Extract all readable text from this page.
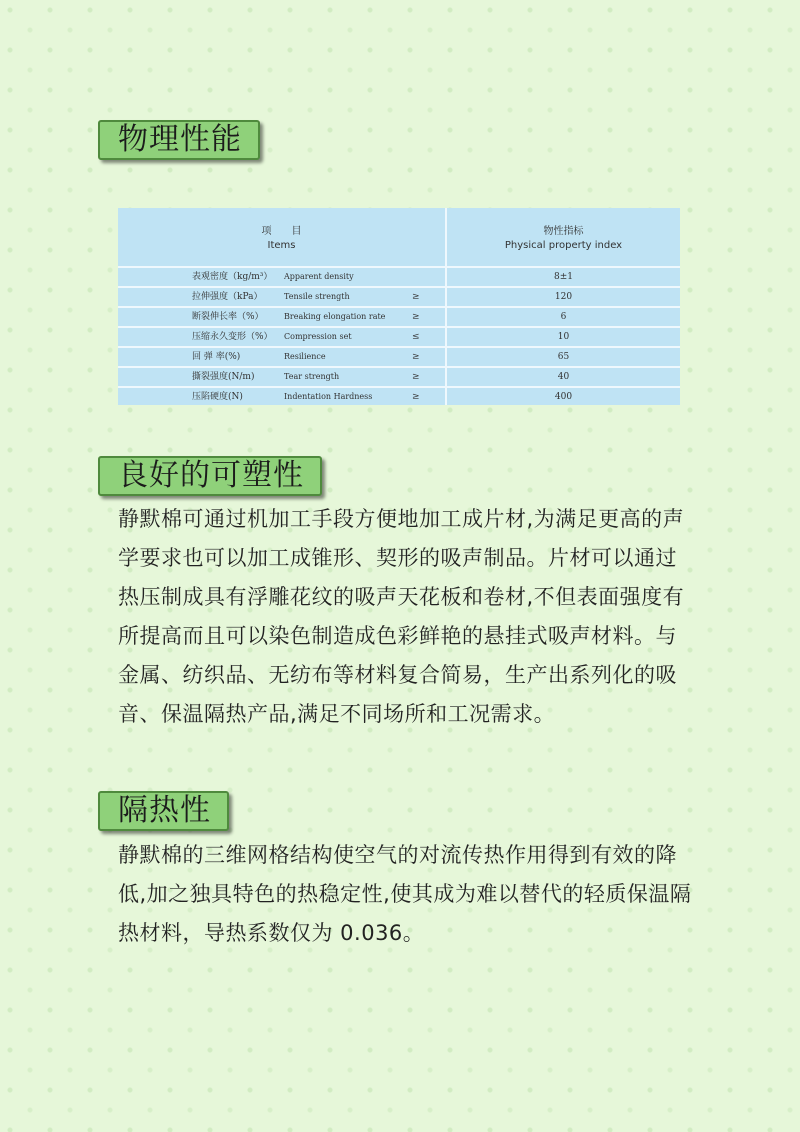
物理性能
项　　目
Items
物性指标
Physical property index
表观密度（kg/m³） Apparent density	8±1
拉伸强度（kPa）	Tensile strength	≥	120
断裂伸长率（%）	Breaking elongation rate	≥	6
压缩永久变形（%） Compression set	≤	10
回 弹 率(%)	Resilience	≥	65
撕裂强度(N/m)	Tear strength	≥	40
压陷硬度(N)	Indentation Hardness	≥	400
良好的可塑性

静默棉可通过机加工手段方便地加工成片材,为满足更高的声学要求也可以加工成锥形、契形的吸声制品。片材可以通过热压制成具有浮雕花纹的吸声天花板和卷材,不但表面强度有所提高而且可以染色制造成色彩鲜艳的悬挂式吸声材料。与金属、纺织品、无纺布等材料复合简易，生产出系列化的吸音、保温隔热产品,满足不同场所和工况需求。

隔热性

静默棉的三维网格结构使空气的对流传热作用得到有效的降低,加之独具特色的热稳定性,使其成为难以替代的轻质保温隔热材料，导热系数仅为 0.036。
